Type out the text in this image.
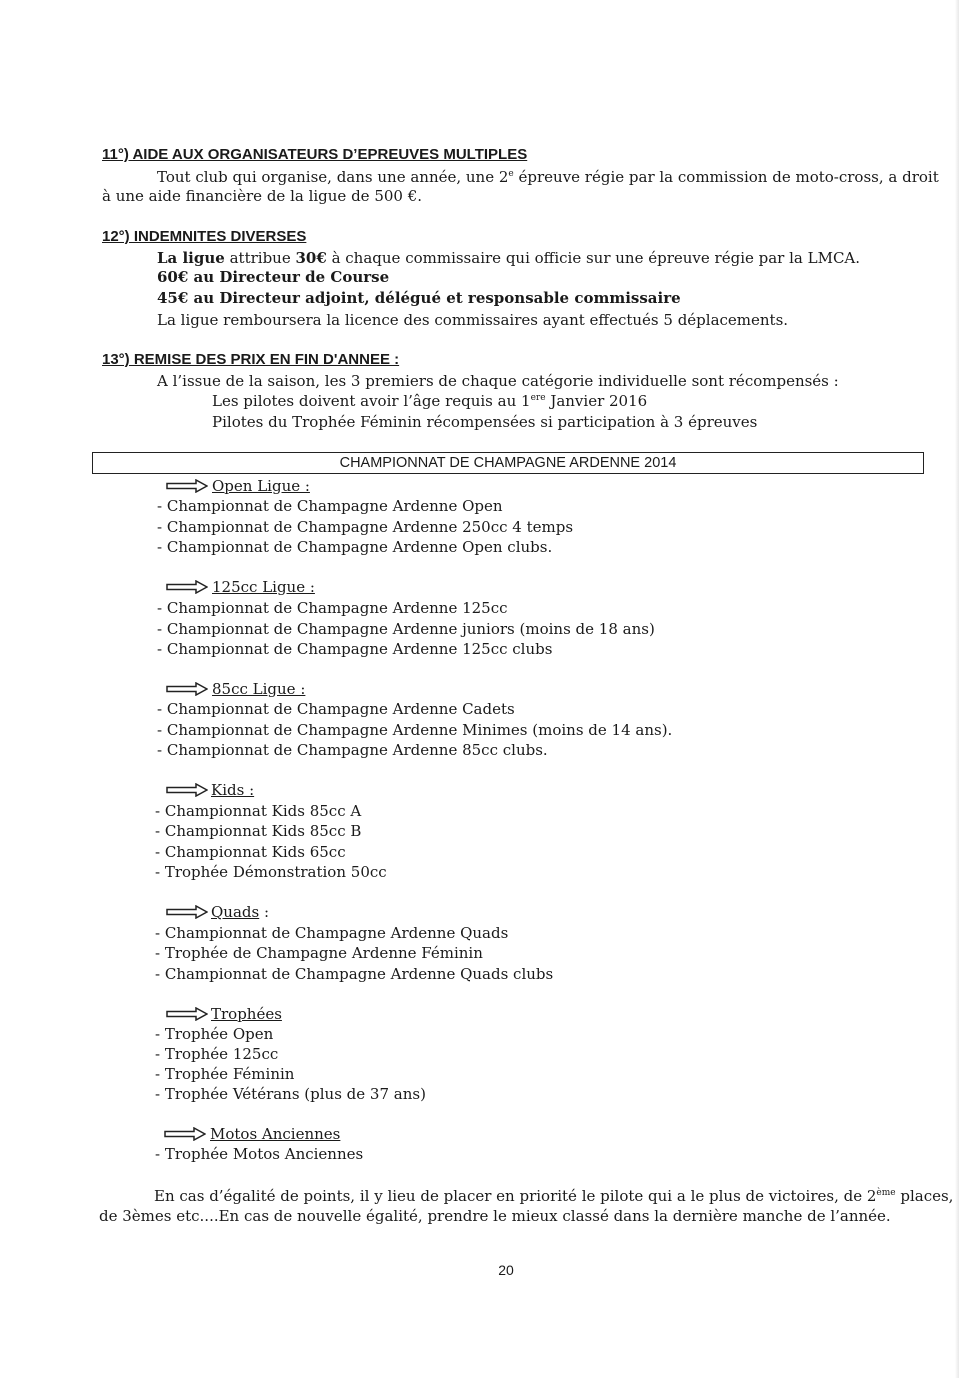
11°) AIDE AUX ORGANISATEURS D’EPREUVES MULTIPLES
Tout club qui organise, dans une année, une 2e épreuve régie par la commission de moto-cross, a droit
à une aide financière de la ligue de 500 €.
12°) INDEMNITES DIVERSES
La ligue attribue 30€ à chaque commissaire qui officie sur une épreuve régie par la LMCA.
60€ au Directeur de Course
45€ au Directeur adjoint, délégué et responsable commissaire
La ligue remboursera la licence des commissaires ayant effectués 5 déplacements.
13°) REMISE DES PRIX EN FIN D'ANNEE :
A l’issue de la saison, les 3 premiers de chaque catégorie individuelle sont récompensés :
Les pilotes doivent avoir l’âge requis au 1ere Janvier 2016
Pilotes du Trophée Féminin récompensées si participation à 3 épreuves
CHAMPIONNAT DE CHAMPAGNE ARDENNE 2014
Open Ligue :
- Championnat de Champagne Ardenne Open
- Championnat de Champagne Ardenne 250cc 4 temps
- Championnat de Champagne Ardenne Open clubs.
125cc Ligue :
- Championnat de Champagne Ardenne 125cc
- Championnat de Champagne Ardenne juniors (moins de 18 ans)
- Championnat de Champagne Ardenne 125cc clubs
85cc Ligue :
- Championnat de Champagne Ardenne Cadets
- Championnat de Champagne Ardenne Minimes (moins de 14 ans).
- Championnat de Champagne Ardenne 85cc clubs.
Kids :
- Championnat Kids 85cc A
- Championnat Kids 85cc B
- Championnat Kids 65cc
- Trophée Démonstration 50cc
Quads :
- Championnat de Champagne Ardenne Quads
- Trophée de Champagne Ardenne Féminin
- Championnat de Champagne Ardenne Quads clubs
Trophées
- Trophée Open
- Trophée 125cc
- Trophée Féminin
- Trophée Vétérans (plus de 37 ans)
Motos Anciennes
- Trophée Motos Anciennes
En cas d’égalité de points, il y lieu de placer en priorité le pilote qui a le plus de victoires, de 2ème places,
de 3èmes etc....En cas de nouvelle égalité, prendre le mieux classé dans la dernière manche de l’année.
20
